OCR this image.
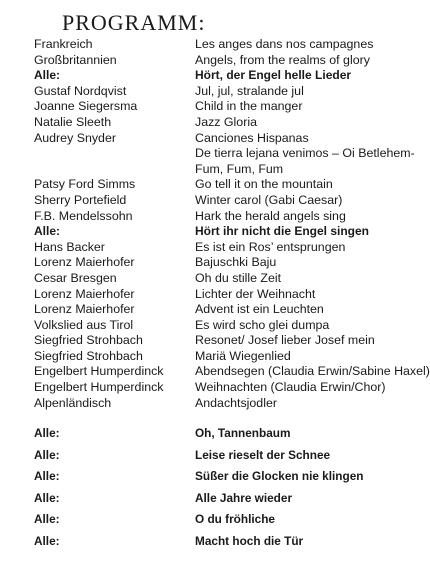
PROGRAMM:
Frankreich	Les anges dans nos campagnes
Großbritannien	Angels, from the realms of glory
Alle:	Hört, der Engel helle Lieder
Gustaf Nordqvist	Jul, jul, stralande jul
Joanne Siegersma	Child in the manger
Natalie Sleeth	Jazz Gloria
Audrey Snyder	Canciones Hispanas
De tierra lejana venimos – Oi Betlehem-
Fum, Fum, Fum
Patsy Ford Simms	Go tell it on the mountain
Sherry Portefield	Winter carol (Gabi Caesar)
F.B. Mendelssohn	Hark the herald angels sing
Alle:	Hört ihr nicht die Engel singen
Hans Backer	Es ist ein Ros’ entsprungen
Lorenz Maierhofer	Bajuschki Baju
Cesar Bresgen	Oh du stille Zeit
Lorenz Maierhofer	Lichter der Weihnacht
Lorenz Maierhofer	Advent ist ein Leuchten
Volkslied aus Tirol	Es wird scho glei dumpa
Siegfried Strohbach	Resonet/ Josef lieber Josef mein
Siegfried Strohbach	Mariä Wiegenlied
Engelbert Humperdinck	Abendsegen (Claudia Erwin/Sabine Haxel)
Engelbert Humperdinck	Weihnachten (Claudia Erwin/Chor)
Alpenländisch	Andachtsjodler
Alle:	Oh, Tannenbaum
Alle:	Leise rieselt der Schnee
Alle:	Süßer die Glocken nie klingen
Alle:	Alle Jahre wieder
Alle:	O du fröhliche
Alle:	Macht hoch die Tür
